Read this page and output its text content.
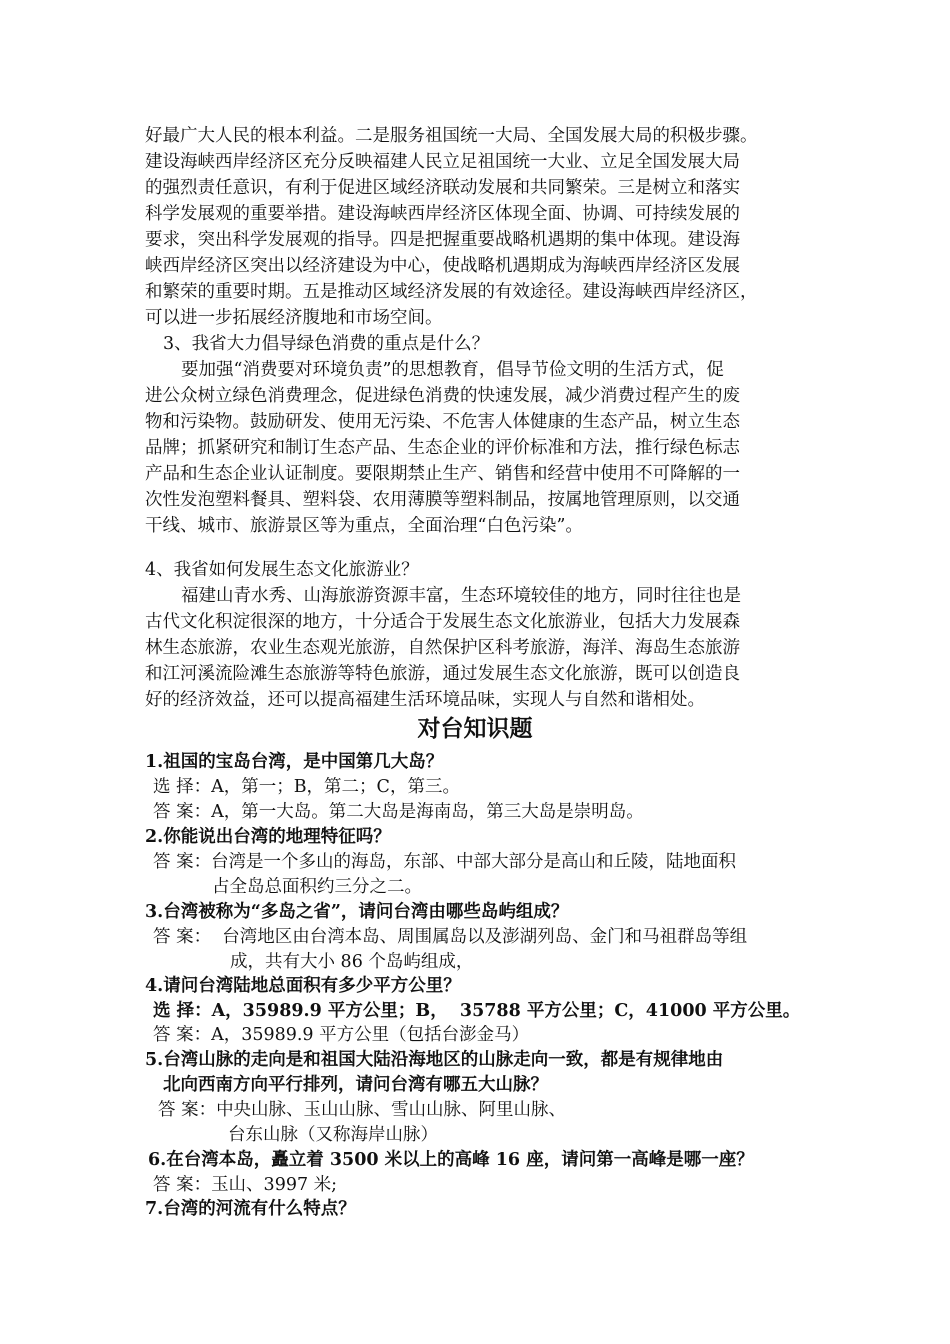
好最广大人民的根本利益。二是服务祖国统一大局、全国发展大局的积极步骤。
建设海峡西岸经济区充分反映福建人民立足祖国统一大业、立足全国发展大局
的强烈责任意识，有利于促进区域经济联动发展和共同繁荣。三是树立和落实
科学发展观的重要举措。建设海峡西岸经济区体现全面、协调、可持续发展的
要求，突出科学发展观的指导。四是把握重要战略机遇期的集中体现。建设海
峡西岸经济区突出以经济建设为中心，使战略机遇期成为海峡西岸经济区发展
和繁荣的重要时期。五是推动区域经济发展的有效途径。建设海峡西岸经济区，
可以进一步拓展经济腹地和市场空间。
3、我省大力倡导绿色消费的重点是什么？
要加强“消费要对环境负责”的思想教育，倡导节俭文明的生活方式，促
进公众树立绿色消费理念，促进绿色消费的快速发展，减少消费过程产生的废
物和污染物。鼓励研发、使用无污染、不危害人体健康的生态产品，树立生态
品牌；抓紧研究和制订生态产品、生态企业的评价标准和方法，推行绿色标志
产品和生态企业认证制度。要限期禁止生产、销售和经营中使用不可降解的一
次性发泡塑料餐具、塑料袋、农用薄膜等塑料制品，按属地管理原则，以交通
干线、城市、旅游景区等为重点，全面治理“白色污染”。
4、我省如何发展生态文化旅游业？
福建山青水秀、山海旅游资源丰富，生态环境较佳的地方，同时往往也是
古代文化积淀很深的地方，十分适合于发展生态文化旅游业，包括大力发展森
林生态旅游，农业生态观光旅游，自然保护区科考旅游，海洋、海岛生态旅游
和江河溪流险滩生态旅游等特色旅游，通过发展生态文化旅游，既可以创造良
好的经济效益，还可以提高福建生活环境品味，实现人与自然和谐相处。
对台知识题
1.祖国的宝岛台湾，是中国第几大岛？
选 择：A，第一；B，第二；C，第三。
答 案：A，第一大岛。第二大岛是海南岛，第三大岛是崇明岛。
2.你能说出台湾的地理特征吗？
答 案：台湾是一个多山的海岛，东部、中部大部分是高山和丘陵，陆地面积
占全岛总面积约三分之二。
3.台湾被称为“多岛之省”，请问台湾由哪些岛屿组成？
答 案：  台湾地区由台湾本岛、周围属岛以及澎湖列岛、金门和马祖群岛等组
成，共有大小 86 个岛屿组成，
4.请问台湾陆地总面积有多少平方公里？
选 择：A，35989.9 平方公里；B，  35788 平方公里；C，41000 平方公里。
答 案：A，35989.9 平方公里（包括台澎金马）
5.台湾山脉的走向是和祖国大陆沿海地区的山脉走向一致，都是有规律地由
北向西南方向平行排列，请问台湾有哪五大山脉？
答 案：中央山脉、玉山山脉、雪山山脉、阿里山脉、
台东山脉（又称海岸山脉）
6.在台湾本岛，矗立着 3500 米以上的高峰 16 座，请问第一高峰是哪一座？
答 案：玉山、3997 米;
7.台湾的河流有什么特点？
